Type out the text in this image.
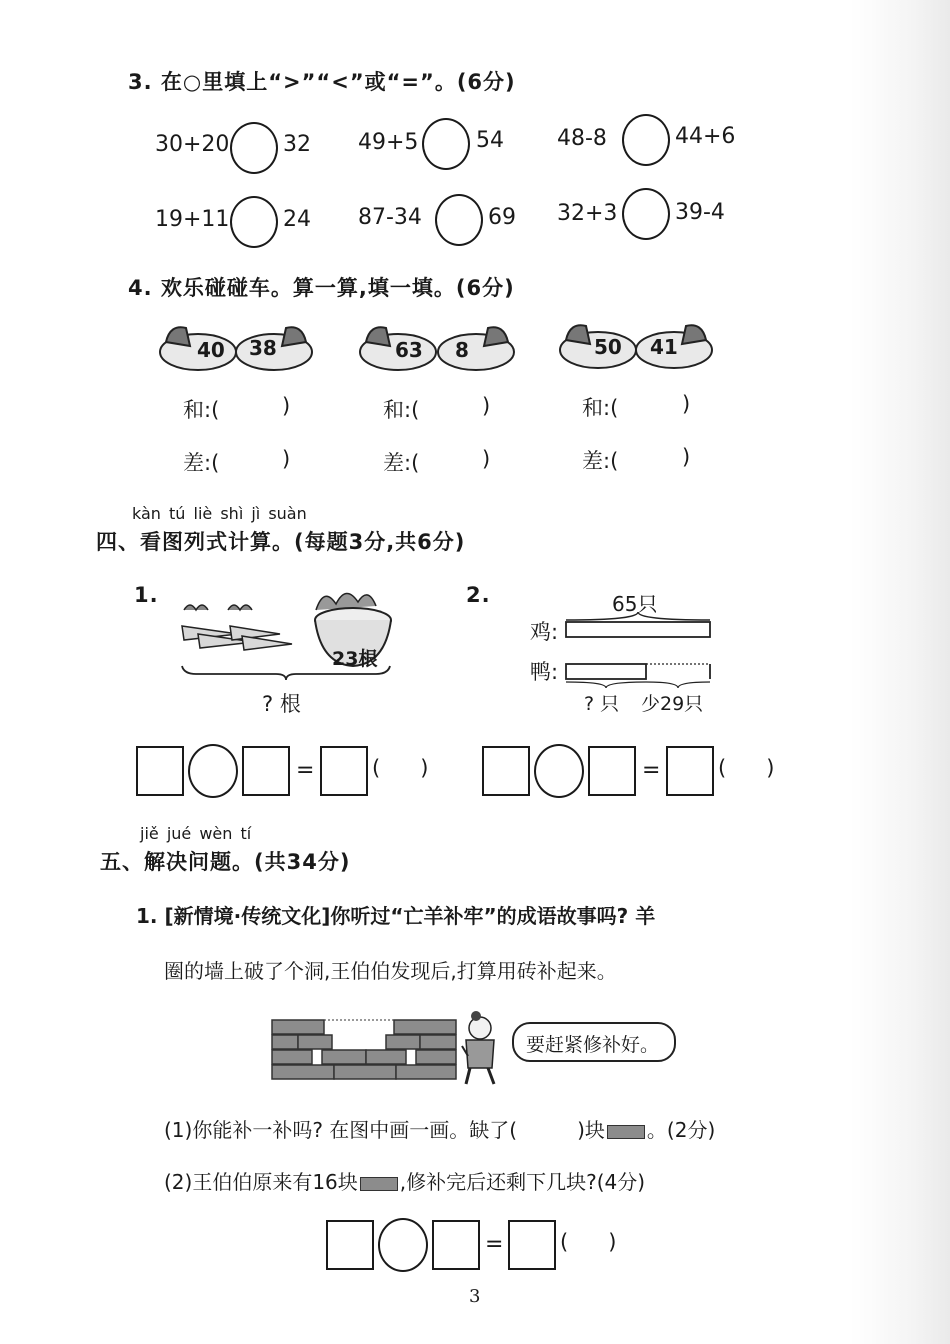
3. 在○里填上“>”“<”或“=”。(6分)
30+20 32 49+5	54 48-8	44+6
19+11 24 87-34	69 32+3	39-4
4. 欢乐碰碰车。算一算,填一填。(6分)
40 38	63 8	50 41
和:(	)	和:(	)	和:(	)
差:(	)	差:(	)	差:(	)
kàn tú liè shì jì suàn
四、看图列式计算。(每题3分,共6分)
1.
23根
? 根
2.	65只
鸡:
鸭:
? 只 少29只
=	(      )	=	(      )
jiě jué wèn tí
五、解决问题。(共34分)
1. [新情境·传统文化]你听过“亡羊补牢”的成语故事吗? 羊
圈的墙上破了个洞,王伯伯发现后,打算用砖补起来。
要赶紧修补好。
(1)你能补一补吗? 在图中画一画。缺了(	)块 。(2分)
(2)王伯伯原来有16块 ,修补完后还剩下几块?(4分)
=	(      )
3
